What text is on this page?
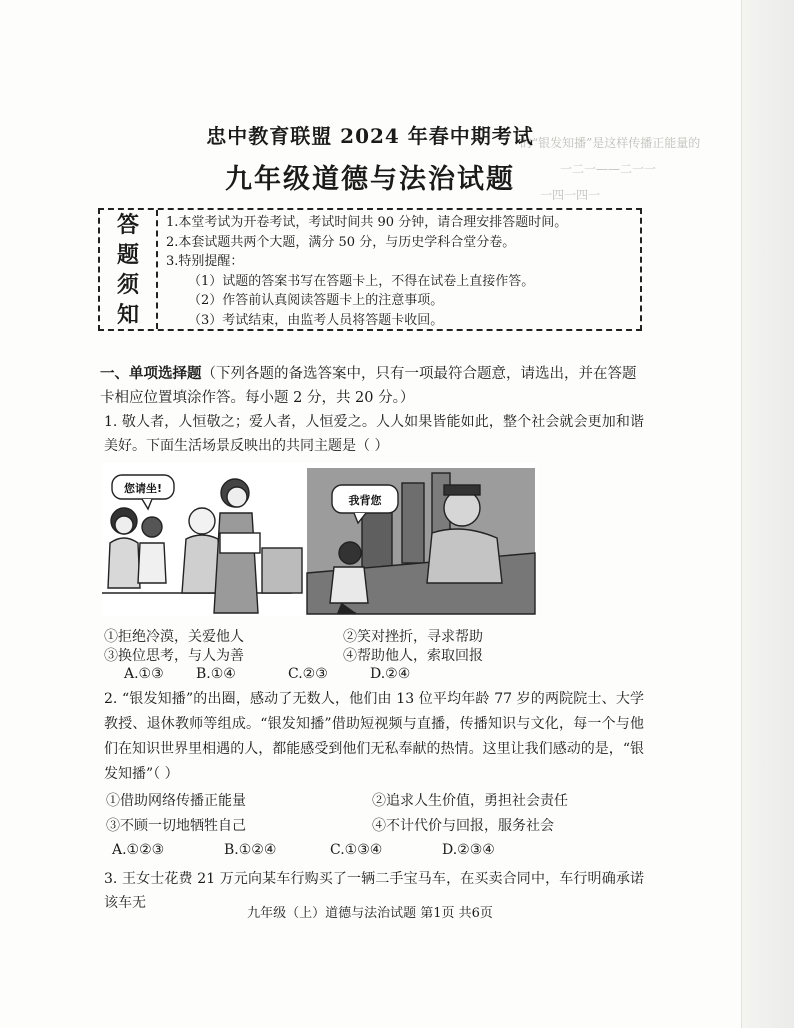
的“银发知播”是这样传播正能量的
一二一——二一一
一四一四一
忠中教育联盟 2024 年春中期考试
九年级道德与法治试题
答
题
须
知
1.本堂考试为开卷考试，考试时间共 90 分钟，请合理安排答题时间。
2.本套试题共两个大题，满分 50 分，与历史学科合堂分卷。
3.特别提醒：
（1）试题的答案书写在答题卡上，不得在试卷上直接作答。
（2）作答前认真阅读答题卡上的注意事项。
（3）考试结束，由监考人员将答题卡收回。
一、单项选择题（下列各题的备选答案中，只有一项最符合题意，请选出，并在答题卡相应位置填涂作答。每小题 2 分，共 20 分。）
1. 敬人者，人恒敬之；爱人者，人恒爱之。人人如果皆能如此，整个社会就会更加和谐美好。下面生活场景反映出的共同主题是（ ）
您请坐!
我背您
①拒绝冷漠，关爱他人	②笑对挫折，寻求帮助
③换位思考，与人为善	④帮助他人，索取回报
A.①③ B.①④	C.②③	D.②④
2. “银发知播”的出圈，感动了无数人，他们由 13 位平均年龄 77 岁的两院院士、大学教授、退休教师等组成。“银发知播”借助短视频与直播，传播知识与文化，每一个与他们在知识世界里相遇的人，都能感受到他们无私奉献的热情。这里让我们感动的是，“银发知播”（ ）
①借助网络传播正能量	②追求人生价值，勇担社会责任
③不顾一切地牺牲自己	④不计代价与回报，服务社会
A.①②③	B.①②④	C.①③④	D.②③④
3. 王女士花费 21 万元向某车行购买了一辆二手宝马车，在买卖合同中，车行明确承诺该车无
九年级（上）道德与法治试题 第1页 共6页
